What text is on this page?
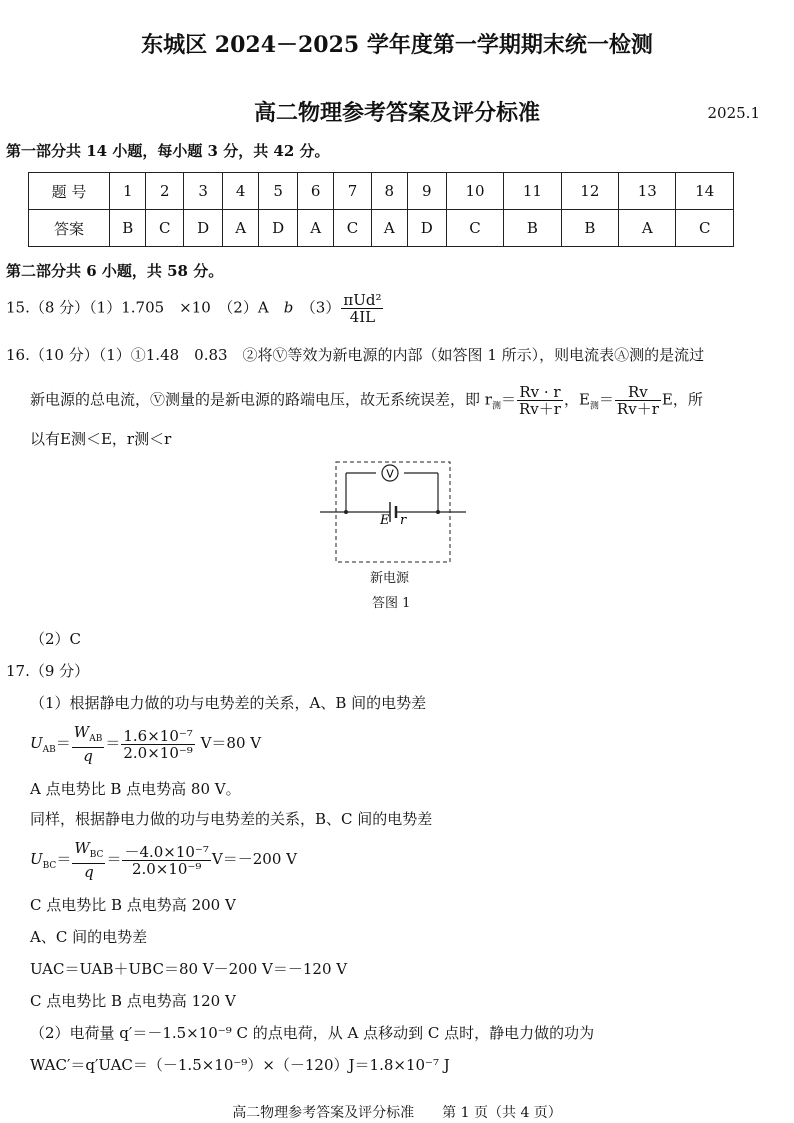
东城区 2024－2025 学年度第一学期期末统一检测
高二物理参考答案及评分标准	2025.1
第一部分共 14 小题，每小题 3 分，共 42 分。
题 号	1	2	3	4	5	6	7	8	9	10	11	12	13	14
答案	B	C	D	A	D	A	C	A	D	C	B	B	A	C
第二部分共 6 小题，共 58 分。
15.（8 分）（1）1.705　×10　（2）A　b　$(3) \frac{\text{πUd²}}{4IL}$
16.（10 分）（1）①1.48　0.83　②将Ⓥ等效为新电源的内部（如答图 1 所示），则电流表Ⓐ测的是流过
新电源的总电流，Ⓥ测量的是新电源的路端电压，故无系统误差，即 $r_测= \frac{Rv \cdot r}{Rv+r}$ ，$E_测= \frac{Rv}{Rv+r}$ E，所
以有E测＜E，r测＜r
V
E r
新电源
答图 1
（2）C
17.（9 分）
（1）根据静电力做的功与电势差的关系，A、B 间的电势差
$U_{AB}= \frac{W_{AB}}{q} = \frac{\text{1.6×10⁻⁷}}{\text{2.0×10⁻⁹}} V=80$ V
A 点电势比 B 点电势高 80 V。
同样，根据静电力做的功与电势差的关系，B、C 间的电势差
$U_{BC}= \frac{W_{BC}}{q} = \frac{\text{－4.0×10⁻⁷}}{\text{2.0×10⁻⁹}} V=-200$ V
C 点电势比 B 点电势高 200 V
A、C 间的电势差
UAC＝UAB＋UBC＝80 V－200 V＝－120 V
C 点电势比 B 点电势高 120 V
（2）电荷量 q′＝－1.5×10⁻⁹ C 的点电荷，从 A 点移动到 C 点时，静电力做的功为
WAC′＝q′UAC＝（－1.5×10⁻⁹）×（－120）J＝1.8×10⁻⁷ J
高二物理参考答案及评分标准　　第 1 页（共 4 页）
